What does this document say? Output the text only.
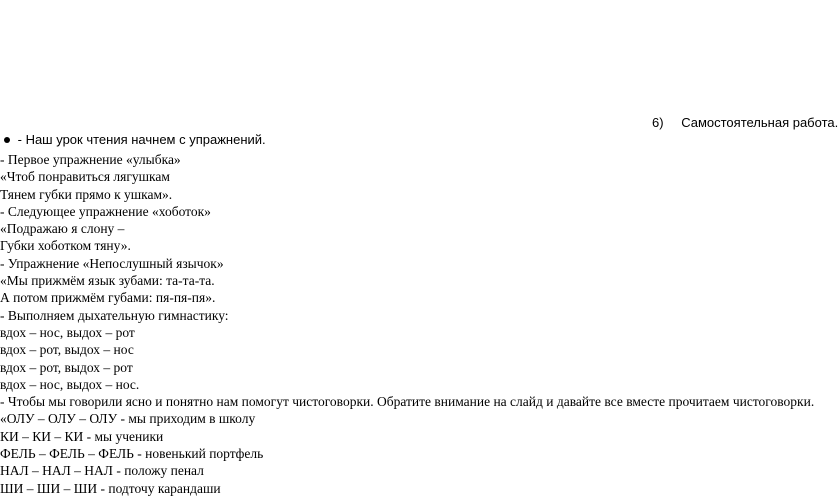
6) Самостоятельная работа.
- Наш урок чтения начнем с упражнений.
- Первое упражнение «улыбка»
«Чтоб понравиться лягушкам
Тянем губки прямо к ушкам».
- Следующее упражнение «хоботок»
«Подражаю я слону –
Губки хоботком тяну».
- Упражнение «Непослушный язычок»
«Мы прижмём язык зубами: та-та-та.
А потом прижмём губами: пя-пя-пя».
- Выполняем дыхательную гимнастику:
вдох – нос, выдох – рот
вдох – рот, выдох – нос
вдох – рот, выдох – рот
вдох – нос, выдох – нос.
- Чтобы мы говорили ясно и понятно нам помогут чистоговорки. Обратите внимание на слайд и давайте все вместе прочитаем чистоговорки.
«ОЛУ – ОЛУ – ОЛУ - мы приходим в школу
КИ – КИ – КИ - мы ученики
ФЕЛЬ – ФЕЛЬ – ФЕЛЬ - новенький портфель
НАЛ – НАЛ – НАЛ - положу пенал
ШИ – ШИ – ШИ - подточу карандаши
